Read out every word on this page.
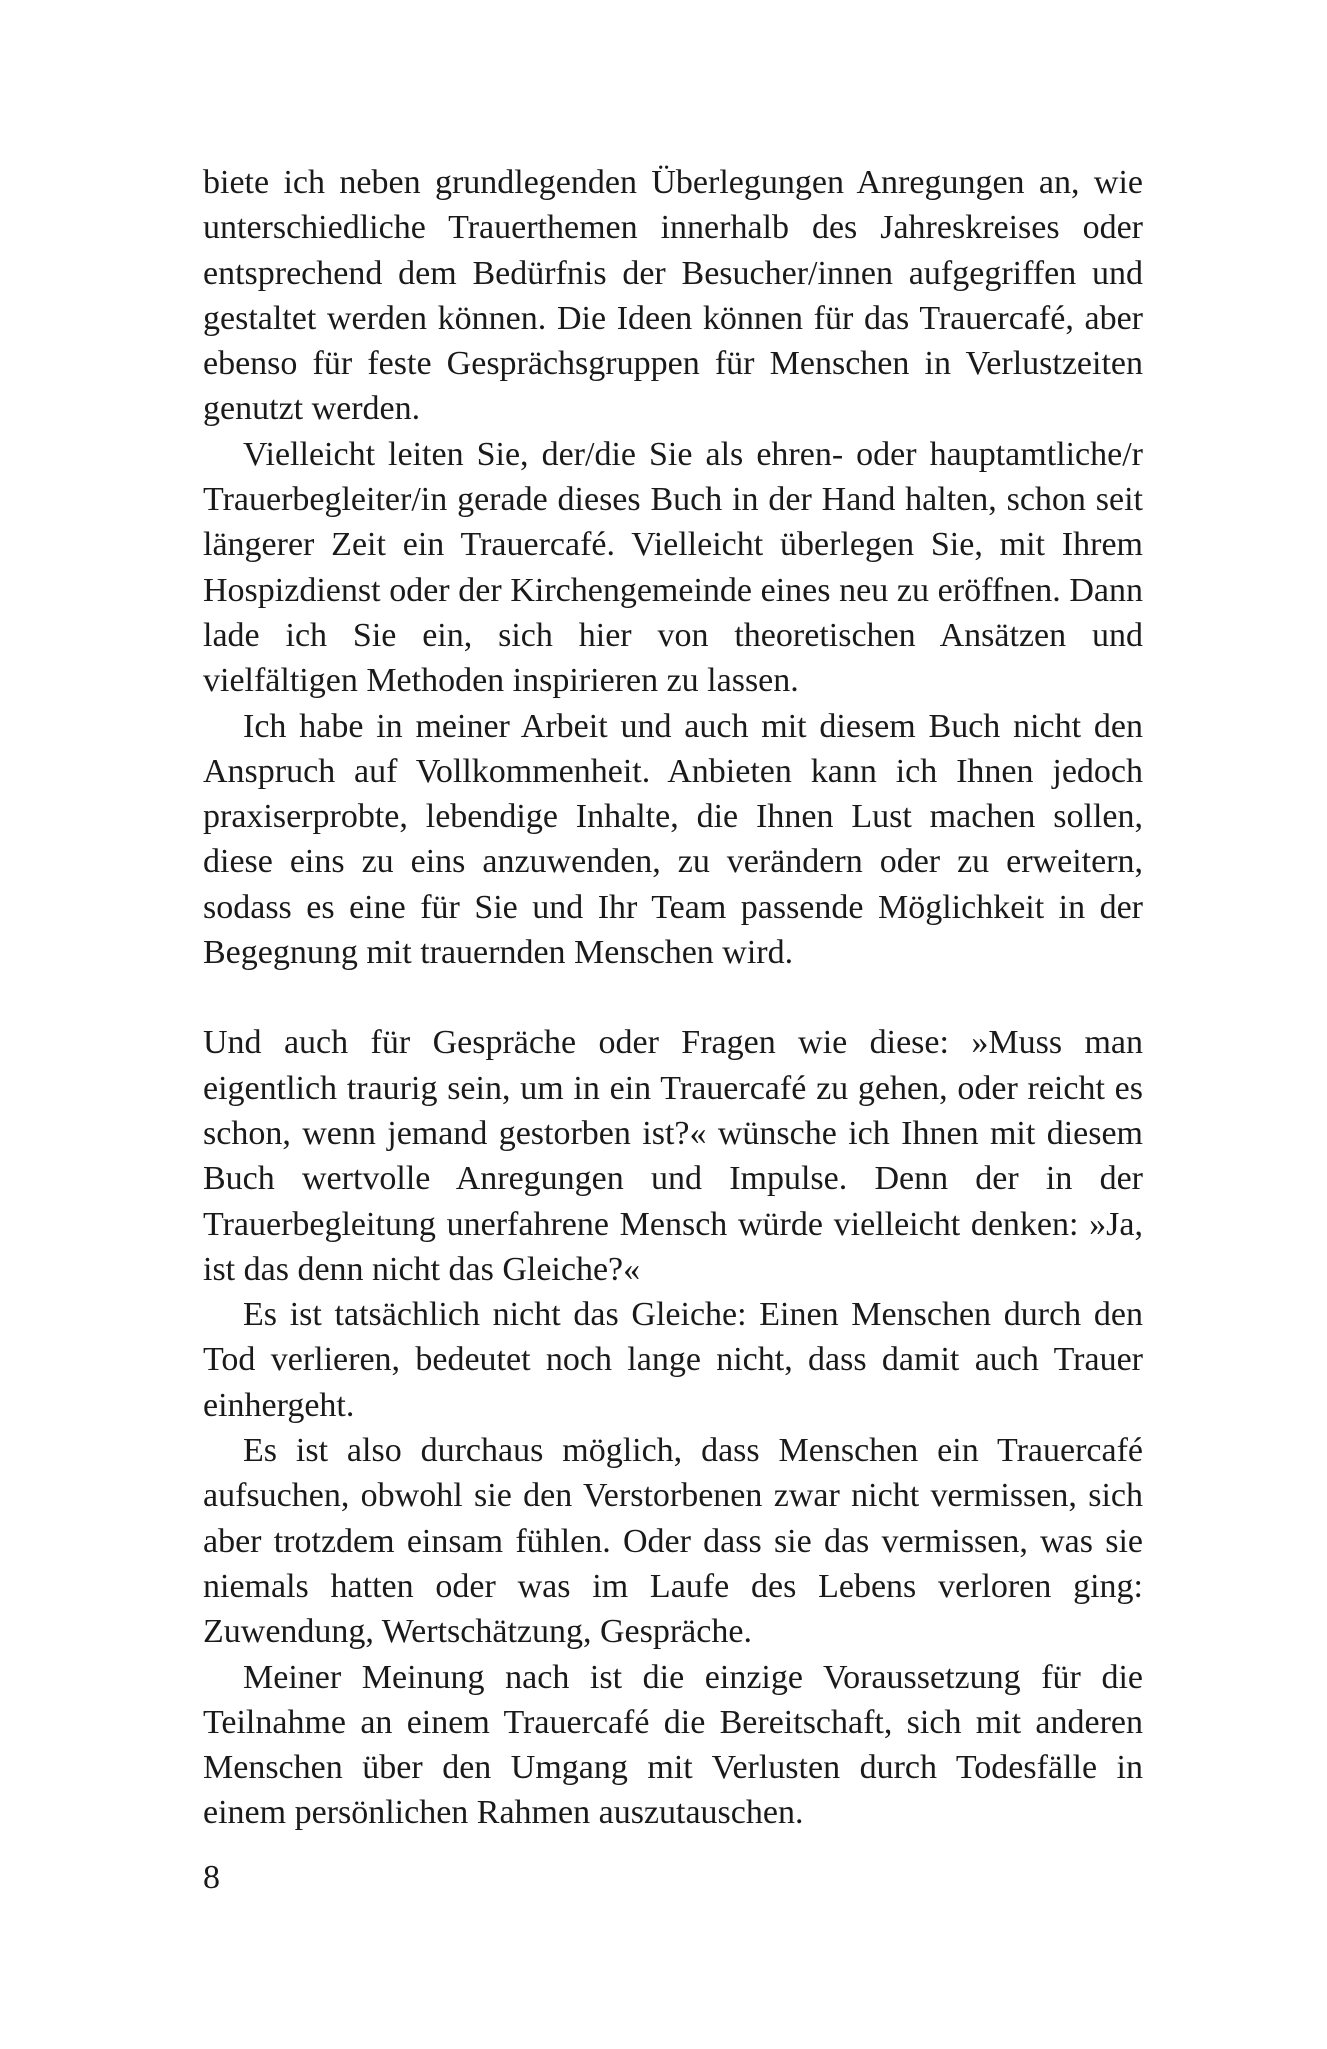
biete ich neben grundlegenden Überlegungen Anregungen an, wie unterschiedliche Trauerthemen innerhalb des Jahreskreises oder entsprechend dem Bedürfnis der Besucher/innen aufgegriffen und gestaltet werden können. Die Ideen können für das Trauercafé, aber ebenso für feste Gesprächsgruppen für Menschen in Verlustzeiten genutzt werden.

Vielleicht leiten Sie, der/die Sie als ehren- oder hauptamtliche/r Trauerbegleiter/in gerade dieses Buch in der Hand halten, schon seit längerer Zeit ein Trauercafé. Vielleicht überlegen Sie, mit Ihrem Hospizdienst oder der Kirchengemeinde eines neu zu eröffnen. Dann lade ich Sie ein, sich hier von theoretischen Ansätzen und vielfältigen Methoden inspirieren zu lassen.

Ich habe in meiner Arbeit und auch mit diesem Buch nicht den Anspruch auf Vollkommenheit. Anbieten kann ich Ihnen jedoch praxiserprobte, lebendige Inhalte, die Ihnen Lust machen sollen, diese eins zu eins anzuwenden, zu verändern oder zu erweitern, sodass es eine für Sie und Ihr Team passende Möglichkeit in der Begegnung mit trauernden Menschen wird.

Und auch für Gespräche oder Fragen wie diese: »Muss man eigentlich traurig sein, um in ein Trauercafé zu gehen, oder reicht es schon, wenn jemand gestorben ist?« wünsche ich Ihnen mit diesem Buch wertvolle Anregungen und Impulse. Denn der in der Trauerbegleitung unerfahrene Mensch würde vielleicht denken: »Ja, ist das denn nicht das Gleiche?«

Es ist tatsächlich nicht das Gleiche: Einen Menschen durch den Tod verlieren, bedeutet noch lange nicht, dass damit auch Trauer einhergeht.

Es ist also durchaus möglich, dass Menschen ein Trauercafé aufsuchen, obwohl sie den Verstorbenen zwar nicht vermissen, sich aber trotzdem einsam fühlen. Oder dass sie das vermissen, was sie niemals hatten oder was im Laufe des Lebens verloren ging: Zuwendung, Wertschätzung, Gespräche.

Meiner Meinung nach ist die einzige Voraussetzung für die Teilnahme an einem Trauercafé die Bereitschaft, sich mit anderen Menschen über den Umgang mit Verlusten durch Todesfälle in einem persönlichen Rahmen auszutauschen.

8
